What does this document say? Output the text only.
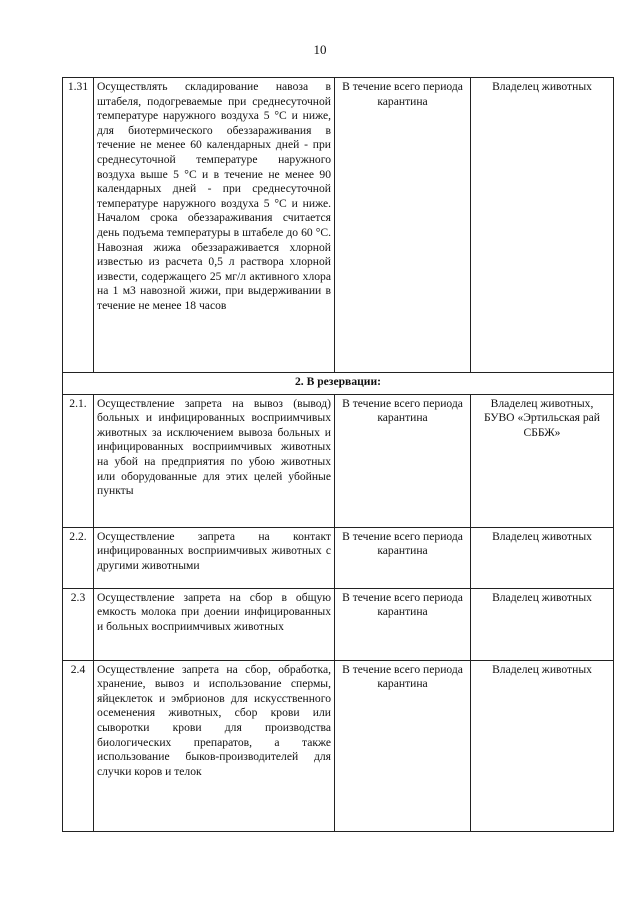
10
1.31	Осуществлять складирование навоза в штабеля, подогреваемые при среднесуточной температуре наружного воздуха 5 °С и ниже, для биотермического обеззараживания в течение не менее 60 календарных дней - при среднесуточной температуре наружного воздуха выше 5 °С и в течение не менее 90 календарных дней - при среднесуточной температуре наружного воздуха 5 °С и ниже. Началом срока обеззараживания считается день подъема температуры в штабеле до 60 °С. Навозная жижа обеззараживается хлорной известью из расчета 0,5 л раствора хлорной извести, содержащего 25 мг/л активного хлора на 1 м3 навозной жижи, при выдерживании в течение не менее 18 часов	В течение всего периода карантина	Владелец животных
2. В резервации:			
2.1.	Осуществление запрета на вывоз (вывод) больных и инфицированных восприимчивых животных за исключением вывоза больных и инфицированных восприимчивых животных на убой на предприятия по убою животных или оборудованные для этих целей убойные пункты	В течение всего периода карантина	Владелец животных, БУВО «Эртильская рай СББЖ»
2.2.	Осуществление запрета на контакт инфицированных восприимчивых животных с другими животными	В течение всего периода карантина	Владелец животных
2.3	Осуществление запрета на сбор в общую емкость молока при доении инфицированных и больных восприимчивых животных	В течение всего периода карантина	Владелец животных
2.4	Осуществление запрета на сбор, обработка, хранение, вывоз и использование спермы, яйцеклеток и эмбрионов для искусственного осеменения животных, сбор крови или сыворотки крови для производства биологических препаратов, а также использование быков-производителей для случки коров и телок	В течение всего периода карантина	Владелец животных
